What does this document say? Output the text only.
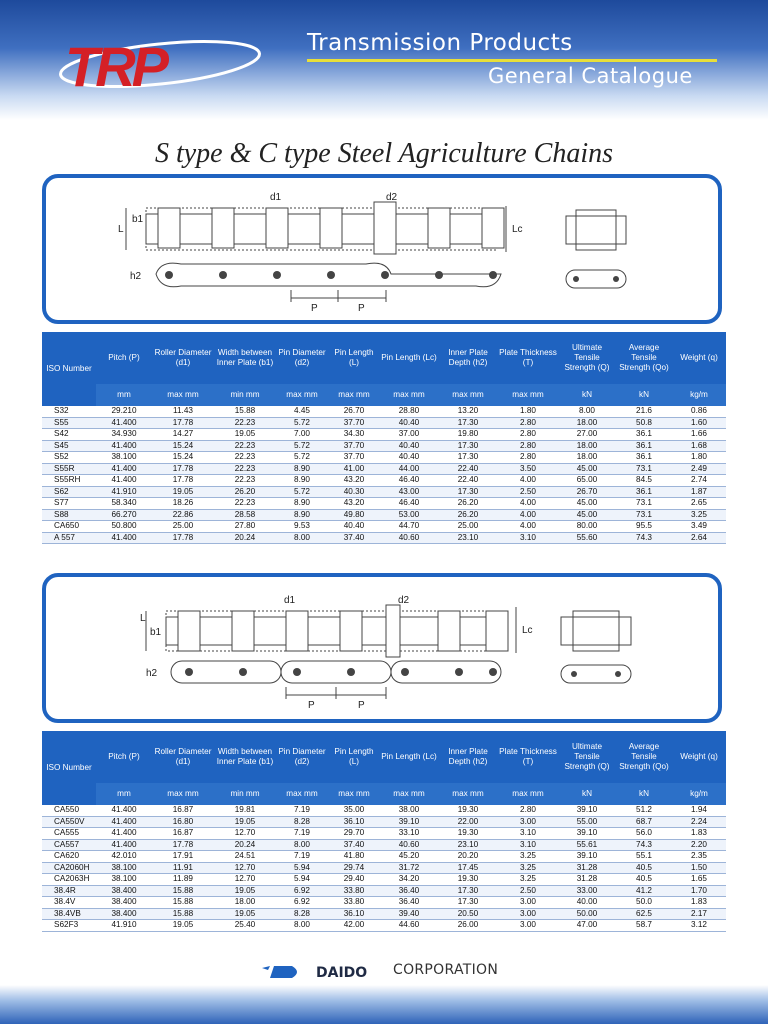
TRP	Transmission Products
General Catalogue
S type & C type Steel Agriculture Chains
d1	d2
L
b1
Lc
h2
P	P
ISO Number	Pitch (P)	Roller Diameter (d1)	Width between Inner Plate (b1)	Pin Diameter (d2)	Pin Length (L)	Pin Length (Lc)	Inner Plate Depth (h2)	Plate Thickness (T)	Ultimate Tensile Strength (Q)	Average Tensile Strength (Qo)	Weight (q)
	mm	max mm	min mm	max mm	max mm	max mm	max mm	max mm	kN	kN	kg/m
S32	29.210	11.43	15.88	4.45	26.70	28.80	13.20	1.80	8.00	21.6	0.86
S55	41.400	17.78	22.23	5.72	37.70	40.40	17.30	2.80	18.00	50.8	1.60
S42	34.930	14.27	19.05	7.00	34.30	37.00	19.80	2.80	27.00	36.1	1.66
S45	41.400	15.24	22.23	5.72	37.70	40.40	17.30	2.80	18.00	36.1	1.68
S52	38.100	15.24	22.23	5.72	37.70	40.40	17.30	2.80	18.00	36.1	1.80
S55R	41.400	17.78	22.23	8.90	41.00	44.00	22.40	3.50	45.00	73.1	2.49
S55RH	41.400	17.78	22.23	8.90	43.20	46.40	22.40	4.00	65.00	84.5	2.74
S62	41.910	19.05	26.20	5.72	40.30	43.00	17.30	2.50	26.70	36.1	1.87
S77	58.340	18.26	22.23	8.90	43.20	46.40	26.20	4.00	45.00	73.1	2.65
S88	66.270	22.86	28.58	8.90	49.80	53.00	26.20	4.00	45.00	73.1	3.25
CA650	50.800	25.00	27.80	9.53	40.40	44.70	25.00	4.00	80.00	95.5	3.49
A 557	41.400	17.78	20.24	8.00	37.40	40.60	23.10	3.10	55.60	74.3	2.64
d1	d2
L
b1	Lc
h2
P	P
ISO Number	Pitch (P)	Roller Diameter (d1)	Width between Inner Plate (b1)	Pin Diameter (d2)	Pin Length (L)	Pin Length (Lc)	Inner Plate Depth (h2)	Plate Thickness (T)	Ultimate Tensile Strength (Q)	Average Tensile Strength (Qo)	Weight (q)
	mm	max mm	min mm	max mm	max mm	max mm	max mm	max mm	kN	kN	kg/m
CA550	41.400	16.87	19.81	7.19	35.00	38.00	19.30	2.80	39.10	51.2	1.94
CA550V	41.400	16.80	19.05	8.28	36.10	39.10	22.00	3.00	55.00	68.7	2.24
CA555	41.400	16.87	12.70	7.19	29.70	33.10	19.30	3.10	39.10	56.0	1.83
CA557	41.400	17.78	20.24	8.00	37.40	40.60	23.10	3.10	55.61	74.3	2.20
CA620	42.010	17.91	24.51	7.19	41.80	45.20	20.20	3.25	39.10	55.1	2.35
CA2060H	38.100	11.91	12.70	5.94	29.74	31.72	17.45	3.25	31.28	40.5	1.50
CA2063H	38.100	11.89	12.70	5.94	29.40	34.20	19.30	3.25	31.28	40.5	1.65
38.4R	38.400	15.88	19.05	6.92	33.80	36.40	17.30	2.50	33.00	41.2	1.70
38.4V	38.400	15.88	18.00	6.92	33.80	36.40	17.30	3.00	40.00	50.0	1.83
38.4VB	38.400	15.88	19.05	8.28	36.10	39.40	20.50	3.00	50.00	62.5	2.17
S62F3	41.910	19.05	25.40	8.00	42.00	44.60	26.00	3.00	47.00	58.7	3.12
DAIDO CORPORATION
